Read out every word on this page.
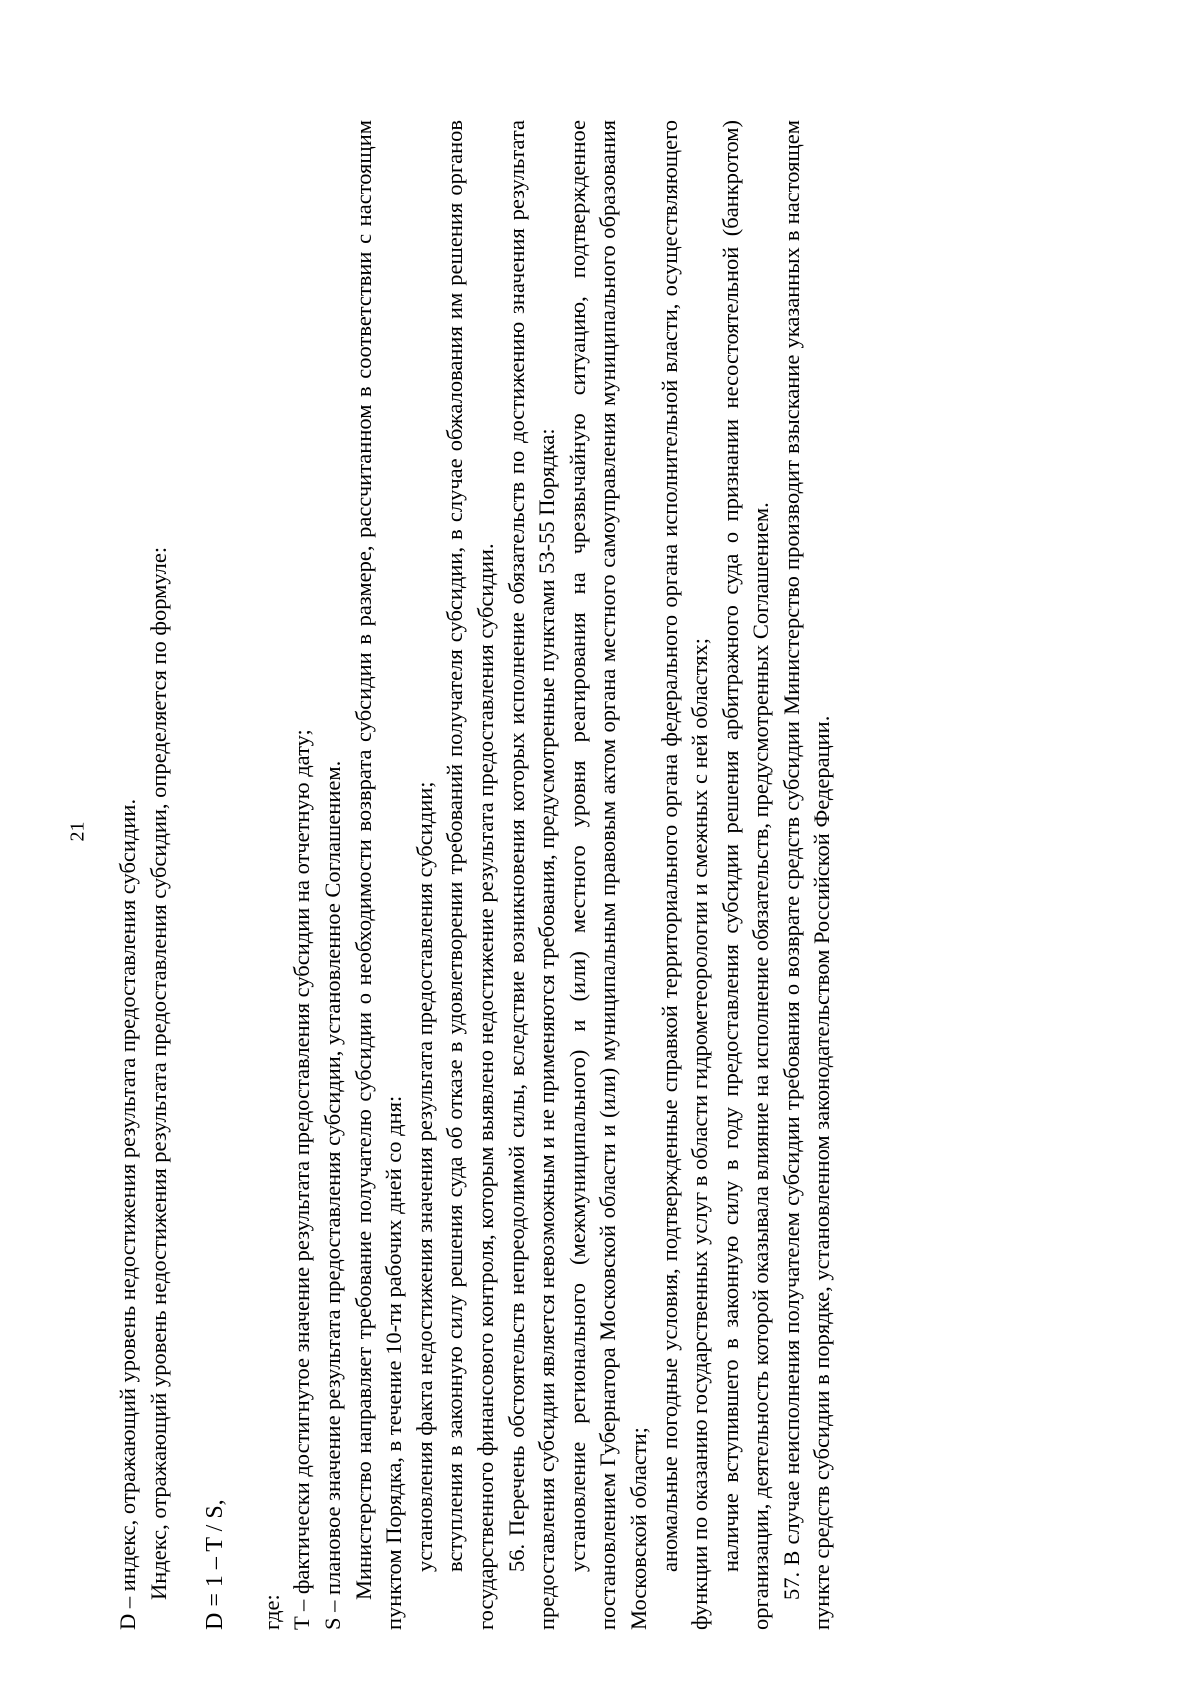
21 D – индекс, отражающий уровень недостижения результата предоставления субсидии. Индекс, отражающий уровень недостижения результата предоставления субсидии, определяется по формуле: D = 1 – T / S, где: T – фактически достигнутое значение результата предоставления субсидии на отчетную дату; S – плановое значение результата предоставления субсидии, установленное Соглашением. Министерство направляет требование получателю субсидии о необходимости возврата субсидии в размере, рассчитанном в соответствии с настоящим пунктом Порядка, в течение 10-ти рабочих дней со дня: установления факта недостижения значения результата предоставления субсидии; вступления в законную силу решения суда об отказе в удовлетворении требований получателя субсидии, в случае обжалования им решения органов государственного финансового контроля, которым выявлено недостижение результата предоставления субсидии. 56. Перечень обстоятельств непреодолимой силы, вследствие возникновения которых исполнение обязательств по достижению значения результата предоставления субсидии является невозможным и не применяются требования, предусмотренные пунктами 53-55 Порядка: установление регионального (межмуниципального) и (или) местного уровня реагирования на чрезвычайную ситуацию, подтвержденное постановлением Губернатора Московской области и (или) муниципальным правовым актом органа местного самоуправления муниципального образования Московской области; аномальные погодные условия, подтвержденные справкой территориального органа федерального органа исполнительной власти, осуществляющего функции по оказанию государственных услуг в области гидрометеорологии и смежных с ней областях; наличие вступившего в законную силу в году предоставления субсидии решения арбитражного суда о признании несостоятельной (банкротом) организации, деятельность которой оказывала влияние на исполнение обязательств, предусмотренных Соглашением. 57. В случае неисполнения получателем субсидии требования о возврате средств субсидии Министерство производит взыскание указанных в настоящем пункте средств субсидии в порядке, установленном законодательством Российской Федерации.
